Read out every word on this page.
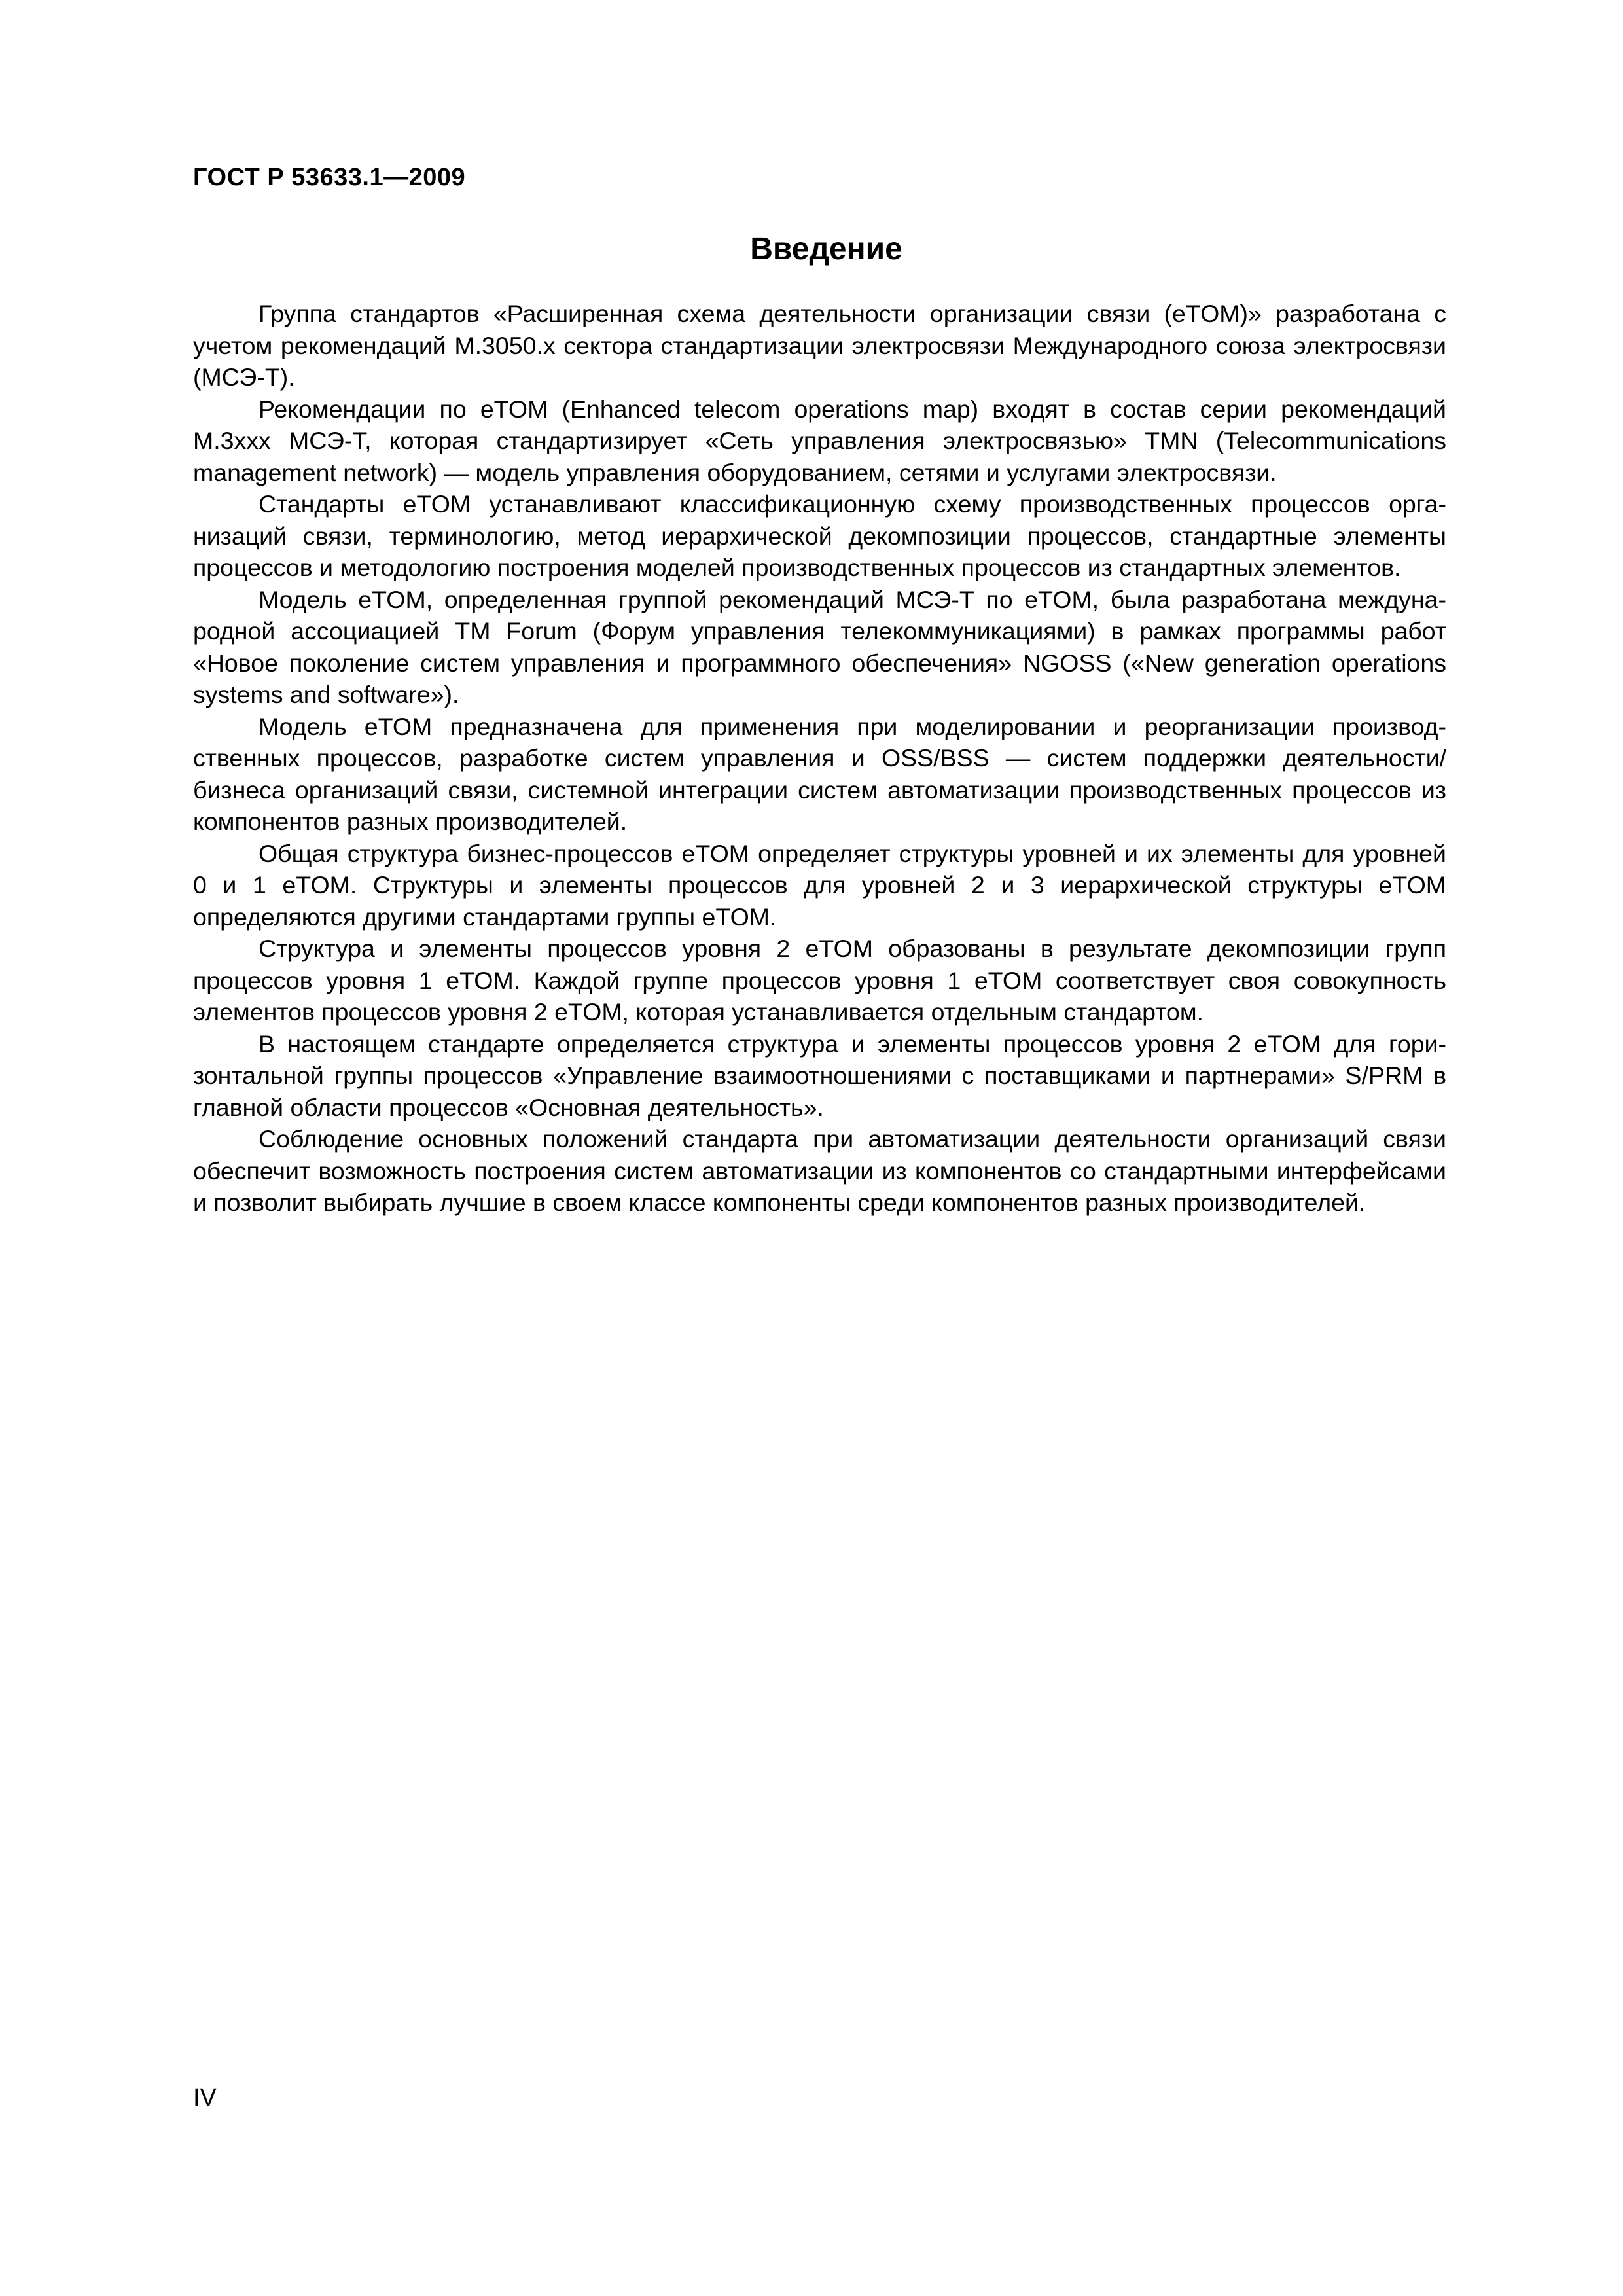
ГОСТ Р 53633.1—2009
Введение

Группа стандартов «Расширенная схема деятельности организации связи (eTOM)» разработана с учетом рекомендаций M.3050.x сектора стандартизации электросвязи Международного союза электросвязи (МСЭ-Т).

Рекомендации по eTOM (Enhanced telecom operations map) входят в состав серии рекомендаций M.3xxx МСЭ-Т, которая стандартизирует «Сеть управления электросвязью» TMN (Telecommunications management network) — модель управления оборудованием, сетями и услугами электросвязи.

Стандарты eTOM устанавливают классификационную схему производственных процессов организаций связи, терминологию, метод иерархической декомпозиции процессов, стандартные элементы процессов и методологию построения моделей производственных процессов из стандартных элементов.

Модель eTOM, определенная группой рекомендаций МСЭ-Т по eTOM, была разработана международной ассоциацией TM Forum (Форум управления телекоммуникациями) в рамках программы работ «Новое поколение систем управления и программного обеспечения» NGOSS («New generation operations systems and software»).

Модель eTOM предназначена для применения при моделировании и реорганизации производственных процессов, разработке систем управления и OSS/BSS — систем поддержки деятельности/ бизнеса организаций связи, системной интеграции систем автоматизации производственных процессов из компонентов разных производителей.

Общая структура бизнес-процессов eTOM определяет структуры уровней и их элементы для уровней 0 и 1 eTOM. Структуры и элементы процессов для уровней 2 и 3 иерархической структуры eTOM определяются другими стандартами группы eTOM.

Структура и элементы процессов уровня 2 eTOM образованы в результате декомпозиции групп процессов уровня 1 eTOM. Каждой группе процессов уровня 1 eTOM соответствует своя совокупность элементов процессов уровня 2 eTOM, которая устанавливается отдельным стандартом.

В настоящем стандарте определяется структура и элементы процессов уровня 2 eTOM для горизонтальной группы процессов «Управление взаимоотношениями с поставщиками и партнерами» S/PRM в главной области процессов «Основная деятельность».

Соблюдение основных положений стандарта при автоматизации деятельности организаций связи обеспечит возможность построения систем автоматизации из компонентов со стандартными интерфейсами и позволит выбирать лучшие в своем классе компоненты среди компонентов разных производителей.

IV
